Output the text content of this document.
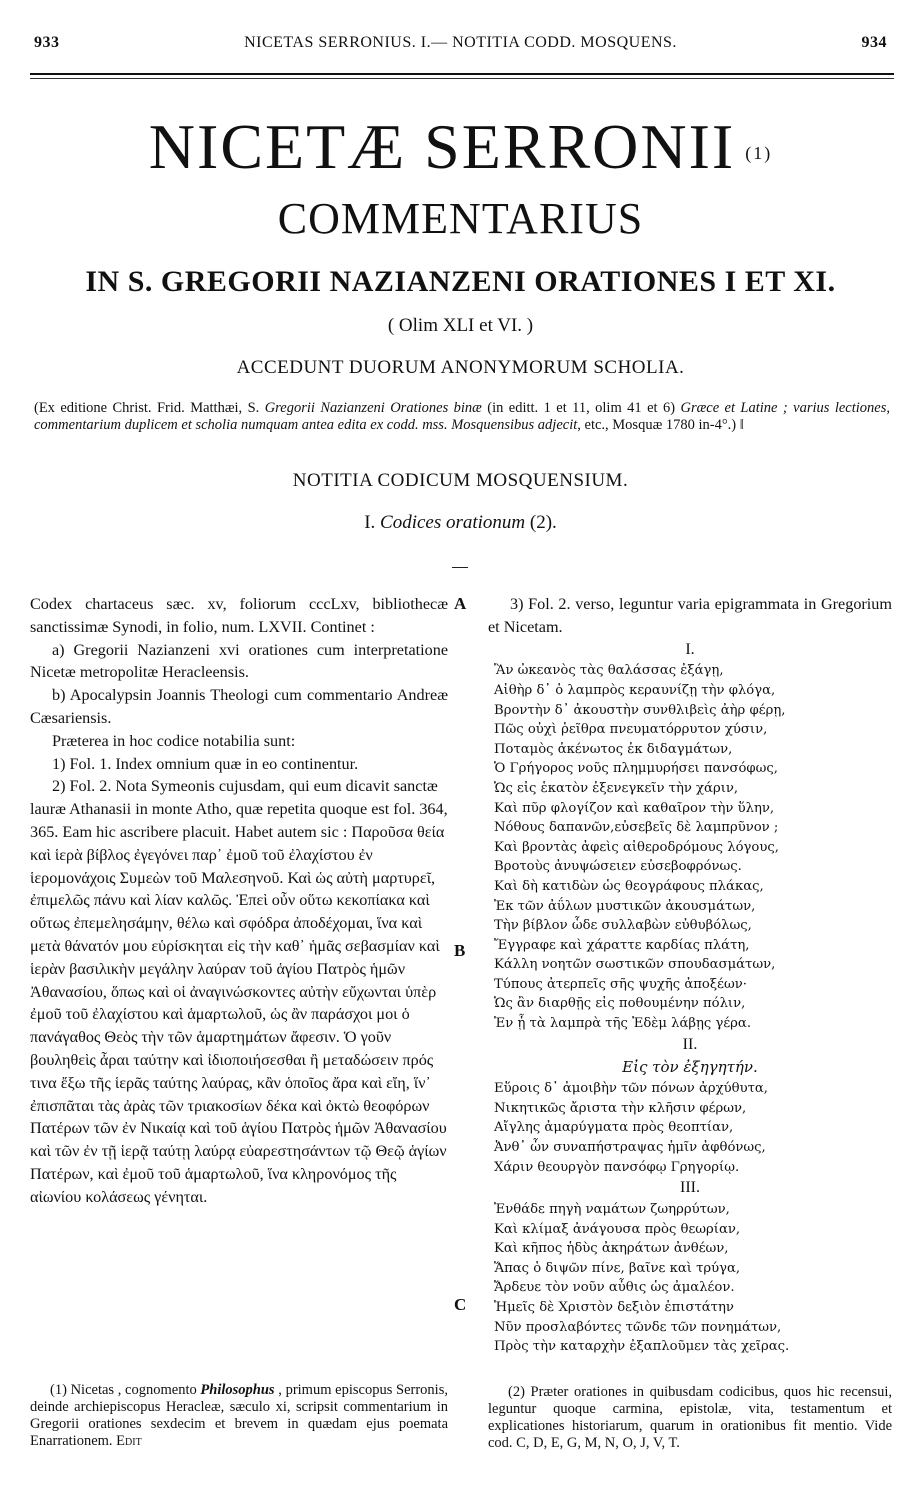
933	NICETAS SERRONIUS. I.— NOTITIA CODD. MOSQUENS.	934
NICETÆ SERRONII $^{(1)}$
COMMENTARIUS
IN S. GREGORII NAZIANZENI ORATIONES I ET XI.
( Olim XLI et VI. )
ACCEDUNT DUORUM ANONYMORUM SCHOLIA.
(Ex editione Christ. Frid. Matthæi, S. Gregorii Nazianzeni Orationes binæ (in editt. 1 et 11, olim 41 et 6) Græce et Latine ; varius lectiones, commentarium duplicem et scholia numquam antea edita ex codd. mss. Mosquensibus adjecit, etc., Mosquæ 1780 in-4°.) ‖
NOTITIA CODICUM MOSQUENSIUM.
I. Codices orationum (2).

Codex chartaceus sæc. xv, foliorum cccLxv, bibliothecæ sanctissimæ Synodi, in folio, num. LXVII. Continet :

a) Gregorii Nazianzeni xvi orationes cum interpretatione Nicetæ metropolitæ Heracleensis.

b) Apocalypsin Joannis Theologi cum commentario Andreæ Cæsariensis.

Præterea in hoc codice notabilia sunt:

1) Fol. 1. Index omnium quæ in eo continentur.

2) Fol. 2. Nota Symeonis cujusdam, qui eum dicavit sanctæ lauræ Athanasii in monte Atho, quæ repetita quoque est fol. 364, 365. Eam hic ascribere placuit. Habet autem sic : Παροῦσα θεία καὶ ἱερὰ βίβλος ἐγεγόνει παρ᾽ ἐμοῦ τοῦ ἐλαχίστου ἐν ἱερομονάχοις Συμεὼν τοῦ Μαλεσηνοῦ. Καὶ ὡς αὐτὴ μαρτυρεῖ, ἐπιμελῶς πάνυ καὶ λίαν καλῶς. Ἐπεὶ οὖν οὕτω κεκοπίακα καὶ οὕτως ἐπεμελησάμην, θέλω καὶ σφόδρα ἀποδέχομαι, ἵνα καὶ μετὰ θάνατόν μου εὑρίσκηται εἰς τὴν καθ᾽ ἡμᾶς σεβασμίαν καὶ ἱερὰν βασιλικὴν μεγάλην λαύραν τοῦ ἁγίου Πατρὸς ἡμῶν Ἀθανασίου, ὅπως καὶ οἱ ἀναγινώσκοντες αὐτὴν εὔχωνται ὑπὲρ ἐμοῦ τοῦ ἐλαχίστου καὶ ἁμαρτωλοῦ, ὡς ἂν παράσχοι μοι ὁ πανάγαθος Θεὸς τὴν τῶν ἁμαρτημάτων ἄφεσιν. Ὁ γοῦν βουληθεὶς ἆραι ταύτην καὶ ἰδιοποιήσεσθαι ἢ μεταδώσειν πρός τινα ἔξω τῆς ἱερᾶς ταύτης λαύρας, κἂν ὁποῖος ἄρα καὶ εἴη, ἵν᾽ ἐπισπᾶται τὰς ἀρὰς τῶν τριακοσίων δέκα καὶ ὀκτὼ θεοφόρων Πατέρων τῶν ἐν Νικαίᾳ καὶ τοῦ ἁγίου Πατρὸς ἡμῶν Ἀθανασίου καὶ τῶν ἐν τῇ ἱερᾷ ταύτῃ λαύρᾳ εὐαρεστησάντων τῷ Θεῷ ἁγίων Πατέρων, καὶ ἐμοῦ τοῦ ἁμαρτωλοῦ, ἵνα κληρονόμος τῆς αἰωνίου κολάσεως γένηται.

A
B
C

3) Fol. 2. verso, leguntur varia epigrammata in Gregorium et Nicetam.

I.
Ἂν ὠκεανὸς τὰς θαλάσσας ἐξάγῃ,
Αἰθὴρ δ᾽ ὁ λαμπρὸς κεραυνίζῃ τὴν φλόγα,
Βροντὴν δ᾽ ἀκουστὴν συνθλιβεὶς ἀὴρ φέρῃ,
Πῶς οὐχὶ ῥεῖθρα πνευματόρρυτον χύσιν,
Ποταμὸς ἀκένωτος ἐκ διδαγμάτων,
Ὁ Γρήγορος νοῦς πλημμυρήσει πανσόφως,
Ὡς εἰς ἑκατὸν ἐξενεγκεῖν τὴν χάριν,
Καὶ πῦρ φλογίζον καὶ καθαῖρον τὴν ὕλην,
Νόθους δαπανῶν,εὐσεβεῖς δὲ λαμπρῦνον ;
Καὶ βροντὰς ἀφεὶς αἰθεροδρόμους λόγους,
Βροτοὺς ἀνυψώσειεν εὐσεβοφρόνως.
Καὶ δὴ κατιδὼν ὡς θεογράφους πλάκας,
Ἐκ τῶν ἀΰλων μυστικῶν ἀκουσμάτων,
Τὴν βίβλον ὧδε συλλαβὼν εὐθυβόλως,
Ἔγγραφε καὶ χάραττε καρδίας πλάτη,
Κάλλη νοητῶν σωστικῶν σπουδασμάτων,
Τύπους ἀτερπεῖς σῆς ψυχῆς ἀποξέων·
Ὡς ἂν διαρθῇς εἰς ποθουμένην πόλιν,
Ἐν ᾗ τὰ λαμπρὰ τῆς Ἐδὲμ λάβῃς γέρα.
II.
Εἰς τὸν ἐξηγητήν.
Εὕροις δ᾽ ἀμοιβὴν τῶν πόνων ἀρχύθυτα,
Νικητικῶς ἄριστα τὴν κλῆσιν φέρων,
Αἴγλης ἀμαρύγματα πρὸς θεοπτίαν,
Ἀνθ᾽ ὧν συναπήστραψας ἡμῖν ἀφθόνως,
Χάριν θεουργὸν πανσόφῳ Γρηγορίῳ.
III.
Ἐνθάδε πηγὴ ναμάτων ζωηρρύτων,
Καὶ κλίμαξ ἀνάγουσα πρὸς θεωρίαν,
Καὶ κῆπος ἡδὺς ἀκηράτων ἀνθέων,
Ἅπας ὁ διψῶν πίνε, βαῖνε καὶ τρύγα,
Ἄρδευε τὸν νοῦν αὖθις ὡς ἀμαλέον.
Ἡμεῖς δὲ Χριστὸν δεξιὸν ἐπιστάτην
Νῦν προσλαβόντες τῶνδε τῶν πονημάτων,
Πρὸς τὴν καταρχὴν ἐξαπλοῦμεν τὰς χεῖρας.

(1) Nicetas , cognomento Philosophus , primum episcopus Serronis, deinde archiepiscopus Heracleæ, sæculo xi, scripsit commentarium in Gregorii orationes sexdecim et brevem in quædam ejus poemata Enarrationem. Edit

(2) Præter orationes in quibusdam codicibus, quos hic recensui, leguntur quoque carmina, epistolæ, vita, testamentum et explicationes historiarum, quarum in orationibus fit mentio. Vide cod. C, D, E, G, M, N, O, J, V, T.
